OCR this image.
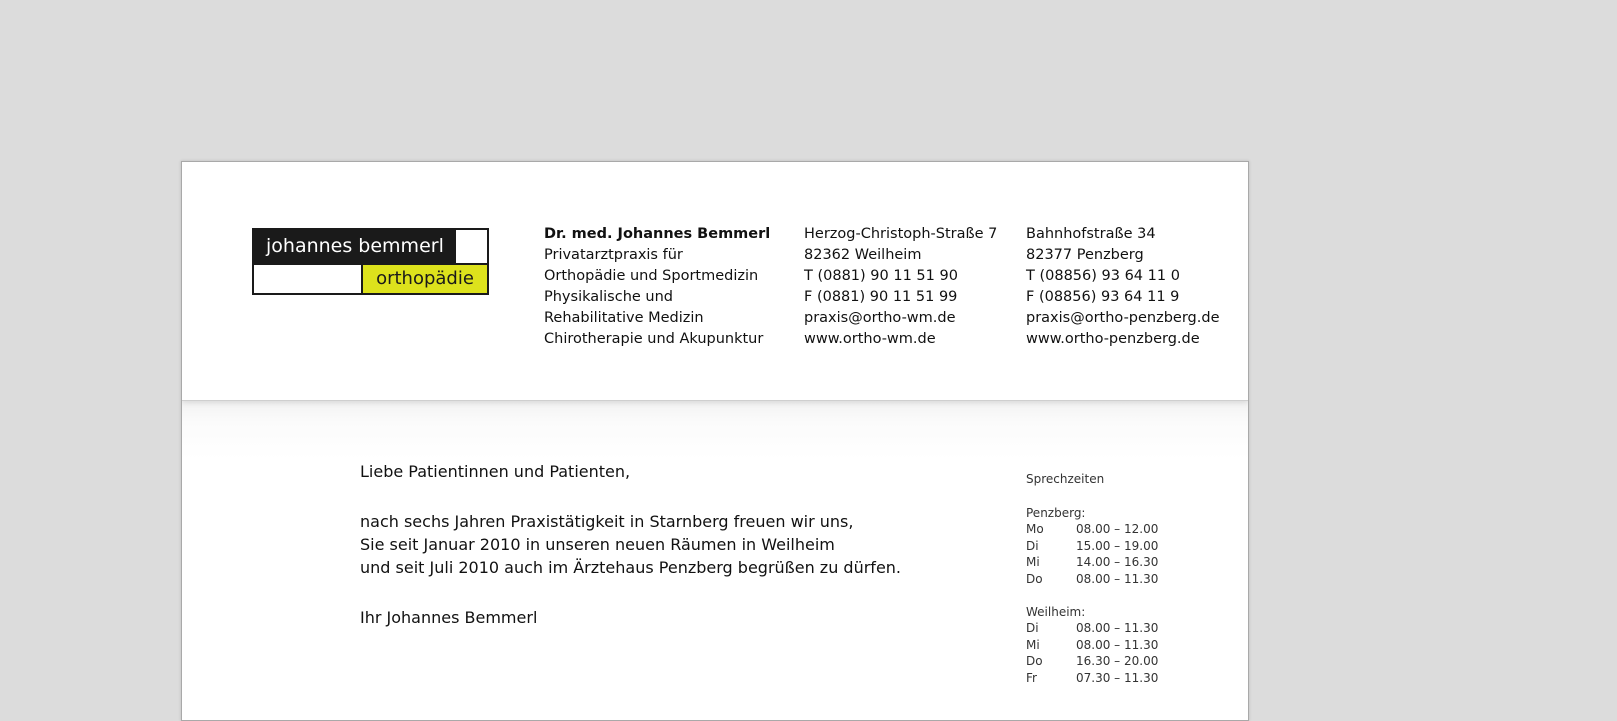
johannes bemmerl
orthopädie
Dr. med. Johannes Bemmerl
Privatarztpraxis für
Orthopädie und Sportmedizin
Physikalische und
Rehabilitative Medizin
Chirotherapie und Akupunktur
Herzog-Christoph-Straße 7
82362 Weilheim
T (0881) 90 11 51 90
F (0881) 90 11 51 99
praxis@ortho-wm.de
www.ortho-wm.de
Bahnhofstraße 34
82377 Penzberg
T (08856) 93 64 11 0
F (08856) 93 64 11 9
praxis@ortho-penzberg.de
www.ortho-penzberg.de
Liebe Patientinnen und Patienten,
nach sechs Jahren Praxistätigkeit in Starnberg freuen wir uns,
Sie seit Januar 2010 in unseren neuen Räumen in Weilheim
und seit Juli 2010 auch im Ärztehaus Penzberg begrüßen zu dürfen.
Ihr Johannes Bemmerl
Sprechzeiten
Penzberg:
Mo	08.00 – 12.00
Di	15.00 – 19.00
Mi	14.00 – 16.30
Do	08.00 – 11.30
Weilheim:
Di	08.00 – 11.30
Mi	08.00 – 11.30
Do	16.30 – 20.00
Fr	07.30 – 11.30
